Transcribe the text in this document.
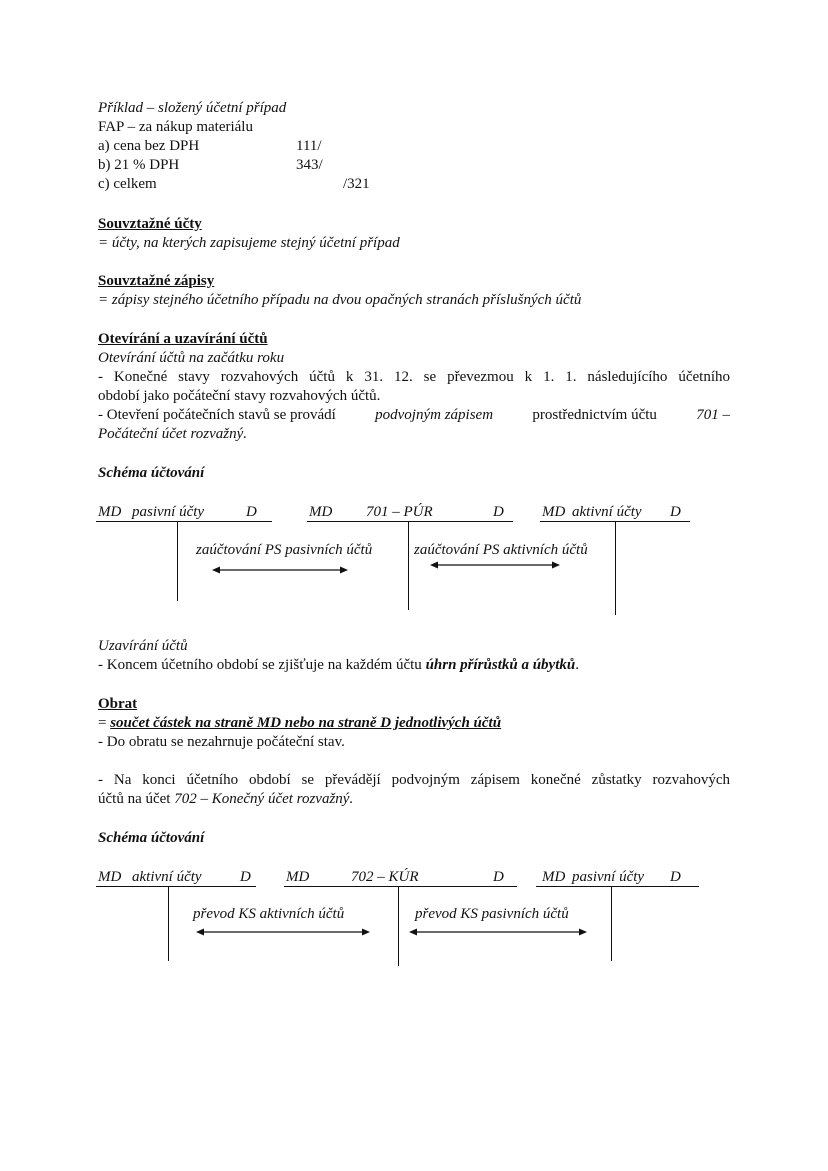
Příklad – složený účetní případ
FAP – za nákup materiálu
a) cena bez DPH	111/
b) 21 % DPH	343/
c) celkem	/321
Souvztažné účty
= účty, na kterých zapisujeme stejný účetní případ
Souvztažné zápisy
= zápisy stejného účetního případu na dvou opačných stranách příslušných účtů
Otevírání a uzavírání účtů
Otevírání účtů na začátku roku
- Konečné stavy rozvahových účtů k 31. 12. se převezmou k 1. 1. následujícího účetního
období jako počáteční stavy rozvahových účtů.
- Otevření počátečních stavů se provádí	podvojným zápisem	prostřednictvím účtu	701 –
Počáteční účet rozvažný.
Schéma účtování
MD pasivní účty	D	MD 701 – PÚR	D	MD aktivní účty D
zaúčtování PS pasivních účtů	zaúčtování PS aktivních účtů
Uzavírání účtů
- Koncem účetního období se zjišťuje na každém účtu úhrn přírůstků a úbytků.
Obrat
= součet částek na straně MD nebo na straně D jednotlivých účtů
- Do obratu se nezahrnuje počáteční stav.
- Na konci účetního období se převádějí podvojným zápisem konečné zůstatky rozvahových
účtů na účet 702 – Konečný účet rozvažný.
Schéma účtování
MD aktivní účty	D MD	702 – KÚR	D	MD pasivní účty D
převod KS aktivních účtů	převod KS pasivních účtů
